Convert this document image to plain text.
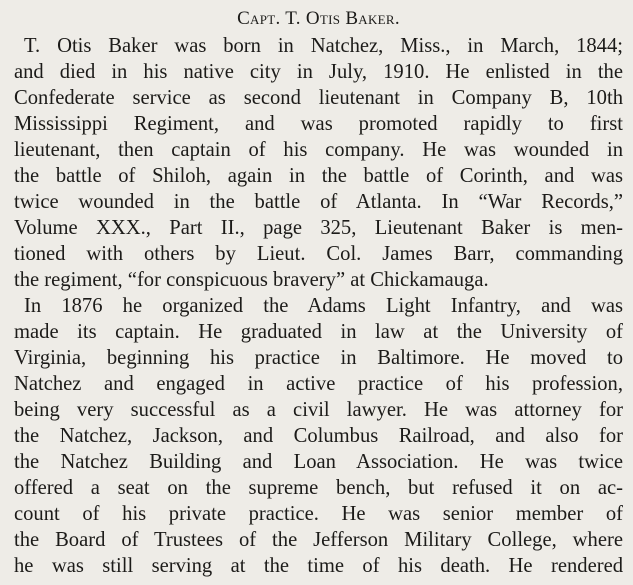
Capt. T. Otis Baker.
T. Otis Baker was born in Natchez, Miss., in March, 1844;
and died in his native city in July, 1910. He enlisted in the
Confederate service as second lieutenant in Company B, 10th
Mississippi Regiment, and was promoted rapidly to first
lieutenant, then captain of his company. He was wounded in
the battle of Shiloh, again in the battle of Corinth, and was
twice wounded in the battle of Atlanta. In “War Records,”
Volume XXX., Part II., page 325, Lieutenant Baker is men-
tioned with others by Lieut. Col. James Barr, commanding
the regiment, “for conspicuous bravery” at Chickamauga.
In 1876 he organized the Adams Light Infantry, and was
made its captain. He graduated in law at the University of
Virginia, beginning his practice in Baltimore. He moved to
Natchez and engaged in active practice of his profession,
being very successful as a civil lawyer. He was attorney for
the Natchez, Jackson, and Columbus Railroad, and also for
the Natchez Building and Loan Association. He was twice
offered a seat on the supreme bench, but refused it on ac-
count of his private practice. He was senior member of
the Board of Trustees of the Jefferson Military College, where
he was still serving at the time of his death. He rendered
